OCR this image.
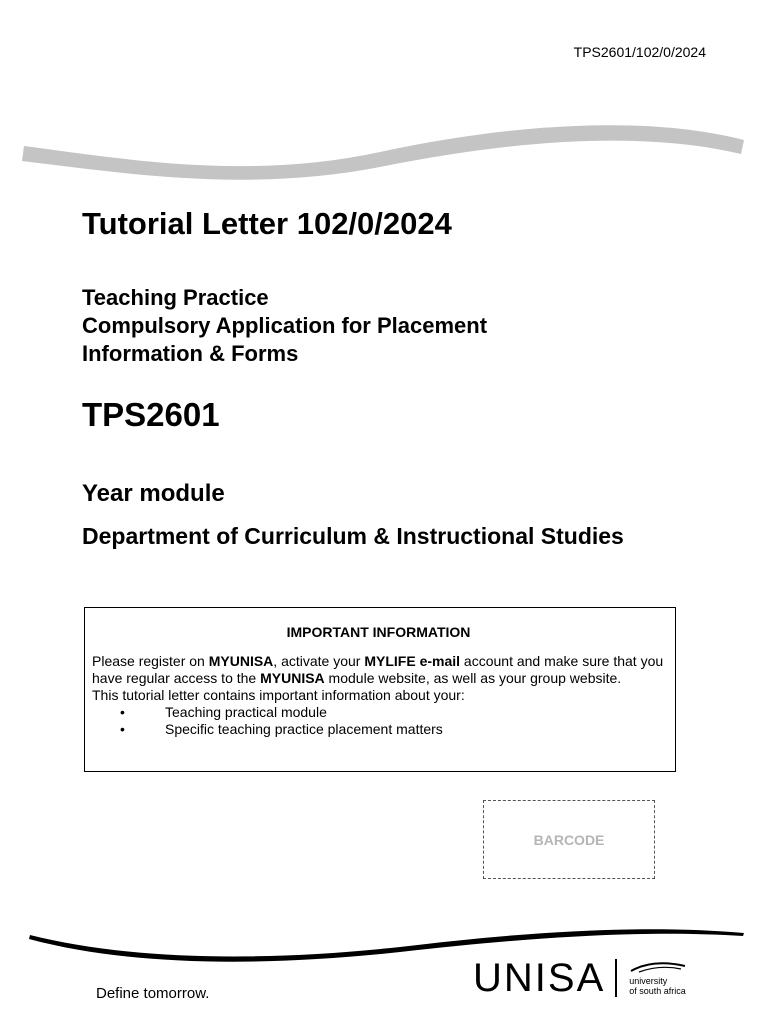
TPS2601/102/0/2024
Tutorial Letter 102/0/2024
Teaching Practice
Compulsory Application for Placement
Information & Forms
TPS2601
Year module
Department of Curriculum & Instructional Studies
IMPORTANT INFORMATION

Please register on MYUNISA, activate your MYLIFE e-mail account and make sure that you have regular access to the MYUNISA module website, as well as your group website.

This tutorial letter contains important information about your:

• Teaching practical module
• Specific teaching practice placement matters
BARCODE
Define tomorrow.	UNISA	university
of south africa
